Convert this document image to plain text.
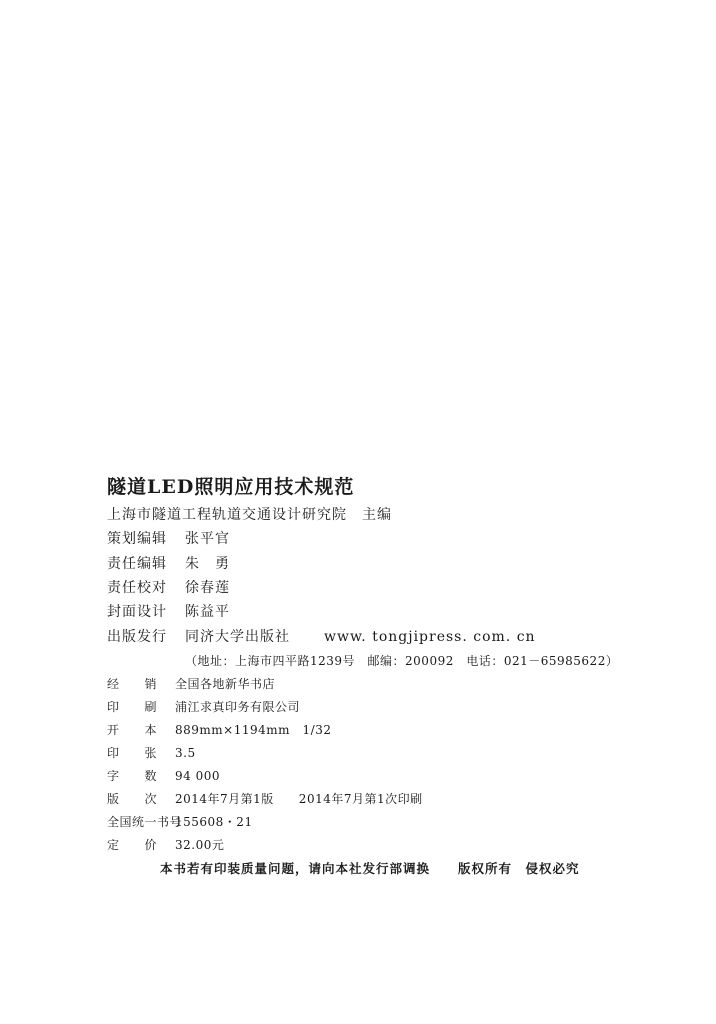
隧道LED照明应用技术规范
上海市隧道工程轨道交通设计研究院　主编
策划编辑 张平官
责任编辑 朱　勇
责任校对 徐春莲
封面设计 陈益平
出版发行 同济大学出版社 www. tongjipress. com. cn
（地址：上海市四平路1239号　邮编：200092　电话：021－65985622）
经　　销 全国各地新华书店
印　　刷 浦江求真印务有限公司
开　　本 889mm×1194mm　1/32
印　　张 3.5
字　　数 94 000
版　　次 2014年7月第1版　　2014年7月第1次印刷
全国统一书号155608・21
定　　价 32.00元
本书若有印装质量问题，请向本社发行部调换 版权所有　侵权必究
